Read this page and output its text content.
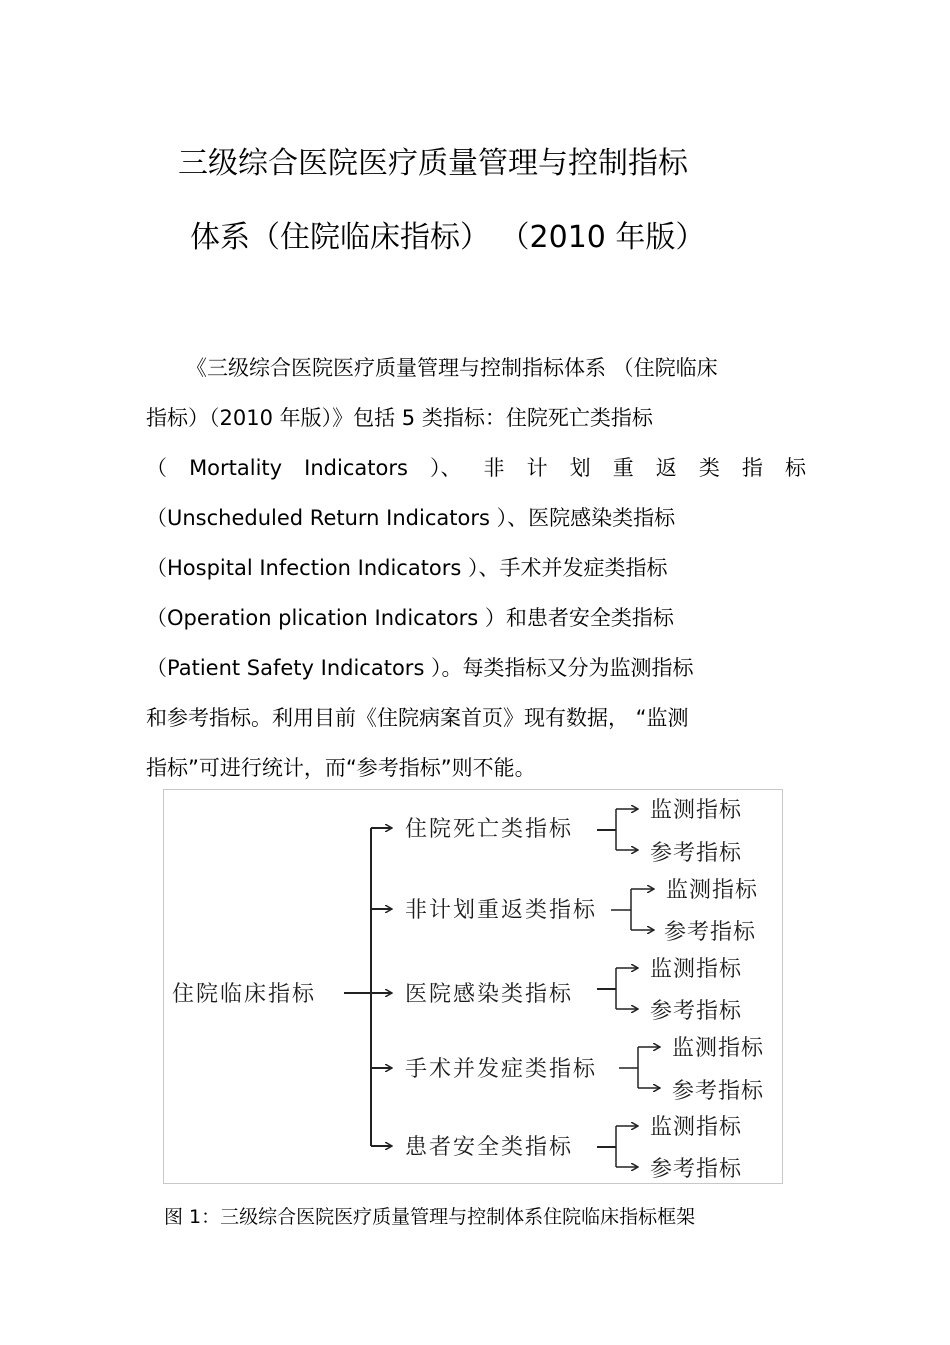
三级综合医院医疗质量管理与控制指标
体系（住院临床指标） （2010 年版）
《三级综合医院医疗质量管理与控制指标体系 （住院临床
指标）（2010 年版）》包括 5 类指标：住院死亡类指标
（ Mortality Indicators ）、 非 计 划 重 返 类 指 标
（Unscheduled Return Indicators ）、医院感染类指标
（Hospital Infection Indicators ）、手术并发症类指标
（Operation plication Indicators ）和患者安全类指标
（Patient Safety Indicators ）。每类指标又分为监测指标
和参考指标。利用目前《住院病案首页》现有数据， “监测
指标”可进行统计，而“参考指标”则不能。
住院临床指标
住院死亡类指标
非计划重返类指标
医院感染类指标
手术并发症类指标
患者安全类指标
监测指标
参考指标
监测指标
参考指标
监测指标
参考指标
监测指标
参考指标
监测指标
参考指标
图 1：三级综合医院医疗质量管理与控制体系住院临床指标框架
